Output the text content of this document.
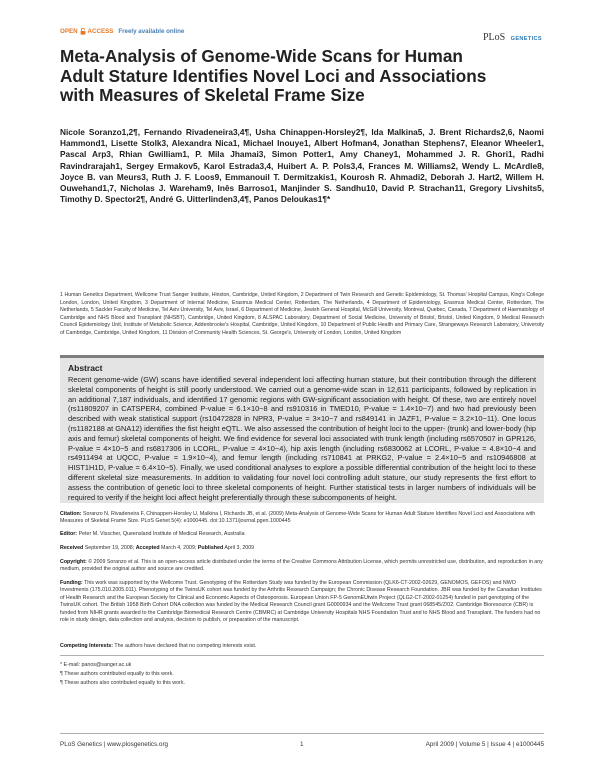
OPEN ACCESS Freely available online
PLoS GENETICS
Meta-Analysis of Genome-Wide Scans for Human Adult Stature Identifies Novel Loci and Associations with Measures of Skeletal Frame Size

Nicole Soranzo1,2¶, Fernando Rivadeneira3,4¶, Usha Chinappen-Horsley2¶, Ida Malkina5, J. Brent Richards2,6, Naomi Hammond1, Lisette Stolk3, Alexandra Nica1, Michael Inouye1, Albert Hofman4, Jonathan Stephens7, Eleanor Wheeler1, Pascal Arp3, Rhian Gwilliam1, P. Mila Jhamai3, Simon Potter1, Amy Chaney1, Mohammed J. R. Ghori1, Radhi Ravindrarajah1, Sergey Ermakov5, Karol Estrada3,4, Huibert A. P. Pols3,4, Frances M. Williams2, Wendy L. McArdle8, Joyce B. van Meurs3, Ruth J. F. Loos9, Emmanouil T. Dermitzakis1, Kourosh R. Ahmadi2, Deborah J. Hart2, Willem H. Ouwehand1,7, Nicholas J. Wareham9, Inês Barroso1, Manjinder S. Sandhu10, David P. Strachan11, Gregory Livshits5, Timothy D. Spector2¶, André G. Uitterlinden3,4¶, Panos Deloukas1¶*

1 Human Genetics Department, Wellcome Trust Sanger Institute, Hinxton, Cambridge, United Kingdom, 2 Department of Twin Research and Genetic Epidemiology, St. Thomas' Hospital Campus, King's College London, London, United Kingdom, 3 Department of Internal Medicine, Erasmus Medical Center, Rotterdam, The Netherlands, 4 Department of Epidemiology, Erasmus Medical Center, Rotterdam, The Netherlands, 5 Sackler Faculty of Medicine, Tel Aviv University, Tel Aviv, Israel, 6 Department of Medicine, Jewish General Hospital, McGill University, Montreal, Quebec, Canada, 7 Department of Haematology of Cambridge and NHS Blood and Transplant (NHSBT), Cambridge, United Kingdom, 8 ALSPAC Laboratory, Department of Social Medicine, University of Bristol, Bristol, United Kingdom, 9 Medical Research Council Epidemiology Unit, Institute of Metabolic Science, Addenbrooke's Hospital, Cambridge, United Kingdom, 10 Department of Public Health and Primary Care, Strangeways Research Laboratory, University of Cambridge, Cambridge, United Kingdom, 11 Division of Community Health Sciences, St. George's, University of London, London, United Kingdom

Abstract

Recent genome-wide (GW) scans have identified several independent loci affecting human stature, but their contribution through the different skeletal components of height is still poorly understood. We carried out a genome-wide scan in 12,611 participants, followed by replication in an additional 7,187 individuals, and identified 17 genomic regions with GW-significant association with height. Of these, two are entirely novel (rs11809207 in CATSPER4, combined P-value = 6.1×10−8 and rs910316 in TMED10, P-value = 1.4×10−7) and two had previously been described with weak statistical support (rs10472828 in NPR3, P-value = 3×10−7 and rs849141 in JAZF1, P-value = 3.2×10−11). One locus (rs1182188 at GNA12) identifies the fist height eQTL. We also assessed the contribution of height loci to the upper- (trunk) and lower-body (hip axis and femur) skeletal components of height. We find evidence for several loci associated with trunk length (including rs6570507 in GPR126, P-value = 4×10−5 and rs6817306 in LCORL, P-value = 4×10−4), hip axis length (including rs6830062 at LCORL, P-value = 4.8×10−4 and rs4911494 at UQCC, P-value = 1.9×10−4), and femur length (including rs710841 at PRKG2, P-value = 2.4×10−5 and rs10946808 at HIST1H1D, P-value = 6.4×10−5). Finally, we used conditional analyses to explore a possible differential contribution of the height loci to these different skeletal size measurements. In addition to validating four novel loci controlling adult stature, our study represents the first effort to assess the contribution of genetic loci to three skeletal components of height. Further statistical tests in larger numbers of individuals will be required to verify if the height loci affect height preferentially through these subcomponents of height.

Citation: Soranzo N, Rivadeneira F, Chinappen-Horsley U, Malkina I, Richards JB, et al. (2009) Meta-Analysis of Genome-Wide Scans for Human Adult Stature Identifies Novel Loci and Associations with Measures of Skeletal Frame Size. PLoS Genet 5(4): e1000445. doi:10.1371/journal.pgen.1000445

Editor: Peter M. Visscher, Queensland Institute of Medical Research, Australia

Received September 19, 2008; Accepted March 4, 2009; Published April 3, 2009

Copyright: © 2009 Soranzo et al. This is an open-access article distributed under the terms of the Creative Commons Attribution License, which permits unrestricted use, distribution, and reproduction in any medium, provided the original author and source are credited.

Funding: This work was supported by the Wellcome Trust. Genotyping of the Rotterdam Study was funded by the European Commission (QLK6-CT-2002-02629, GENOMOS, GEFOS) and NWO Investments (175.010.2005.011). Phenotyping of the TwinsUK cohort was funded by the Arthritis Research Campaign; the Chronic Disease Research Foundation. JBR was funded by the Canadian Institutes of Health Research and the European Society for Clinical and Economic Aspects of Osteoporosis. European Union FP-5 GenomEUtwin Project (QLG2-CT-2002-01254) funded in part genotyping of the TwinsUK cohort. The British 1958 Birth Cohort DNA collection was funded by the Medical Research Council grant G0000934 and the Wellcome Trust grant 068545/Z/02. Cambridge Bioresource (CBR) is funded from NIHR grants awarded to the Cambridge Biomedical Research Centre (CBMRC) at Cambridge University Hospitals NHS Foundation Trust and to NHS Blood and Transplant. The funders had no role in study design, data collection and analysis, decision to publish, or preparation of the manuscript.

Competing Interests: The authors have declared that no competing interests exist.

* E-mail: panos@sanger.ac.uk
¶ These authors contributed equally to this work.
¶ These authors also contributed equally to this work.
PLoS Genetics | www.plosgenetics.org	1	April 2009 | Volume 5 | Issue 4 | e1000445
